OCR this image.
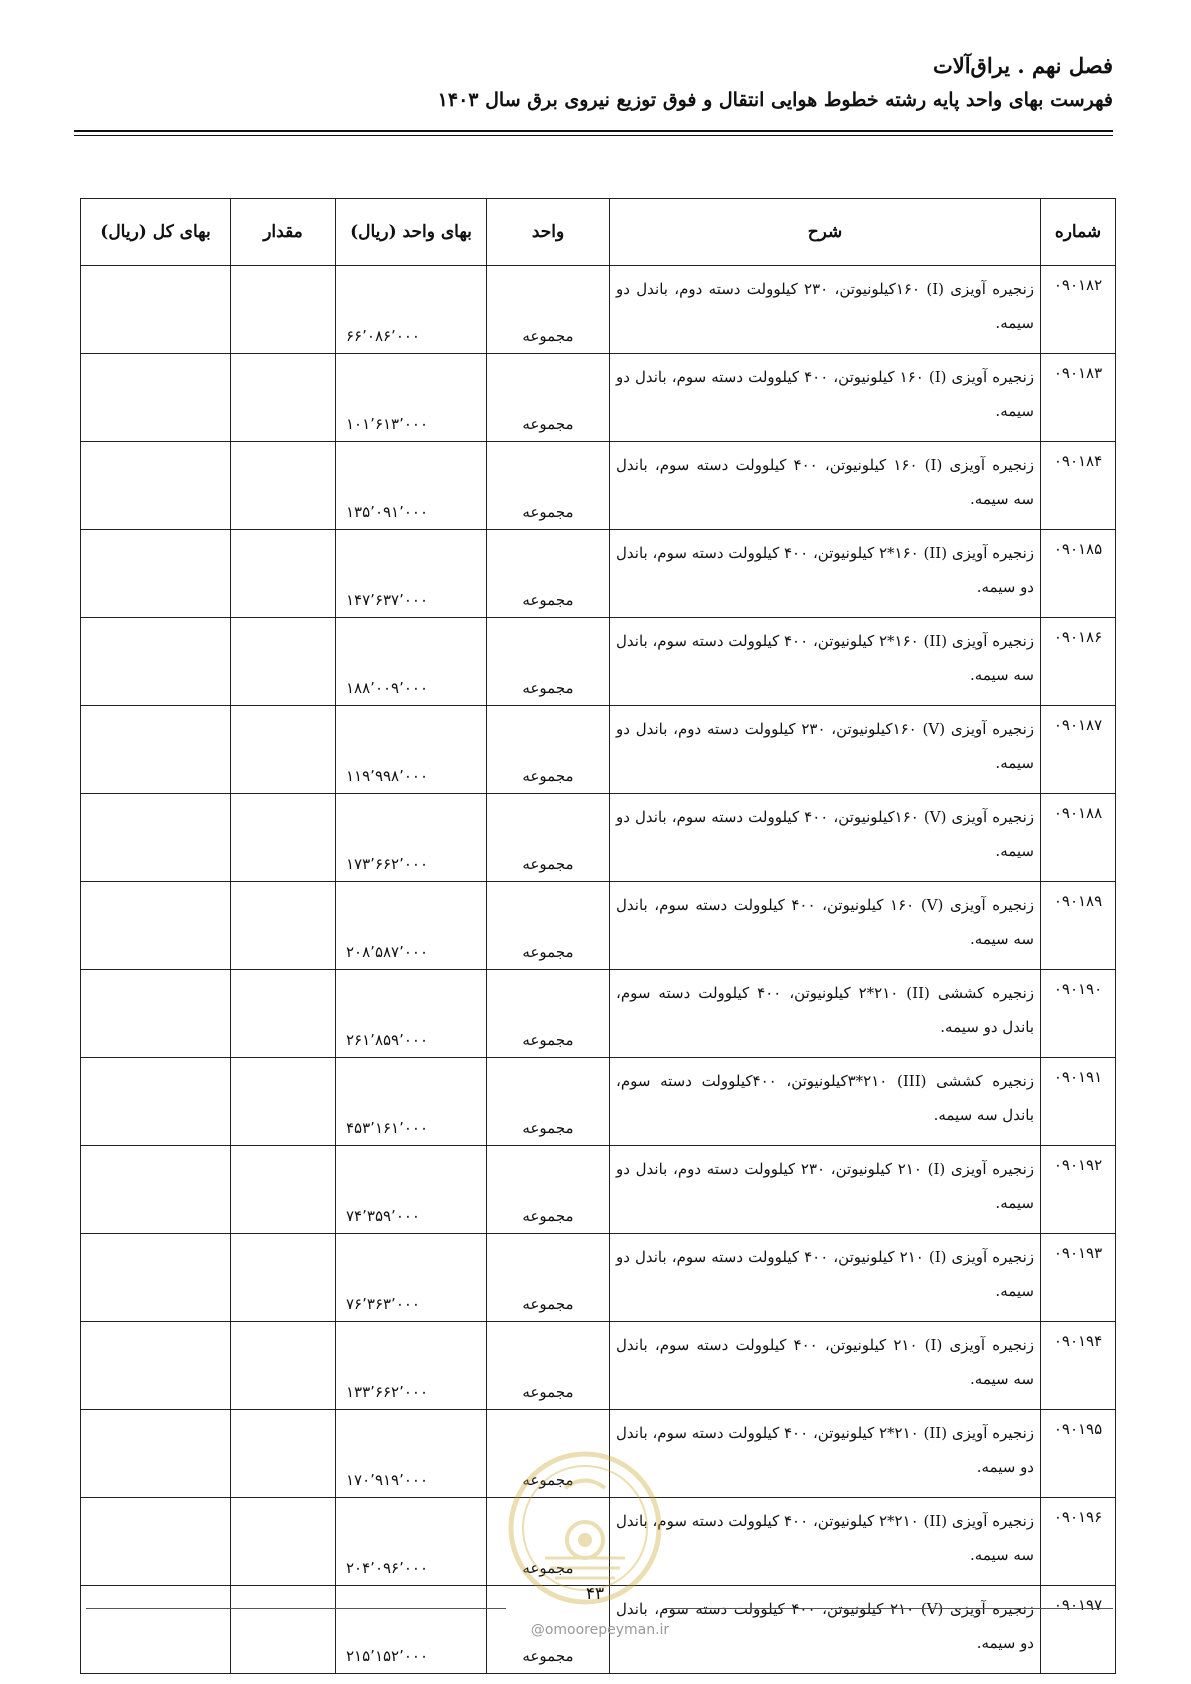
فصل نهم . یراق‌آلات
فهرست بهای واحد پایه رشته خطوط هوایی انتقال و فوق توزیع نیروی برق سال ۱۴۰۳
شماره	شرح	واحد	بهای واحد (ریال)	مقدار	بهای کل (ریال)
۰۹۰۱۸۲	زنجیره آویزی (I) ۱۶۰کیلونیوتن، ۲۳۰ کیلوولت دسته دوم، باندل دو سیمه.	مجموعه	۶۶٬۰۸۶٬۰۰۰		
۰۹۰۱۸۳	زنجیره آویزی (I) ۱۶۰ کیلونیوتن، ۴۰۰ کیلوولت دسته سوم، باندل دو سیمه.	مجموعه	۱۰۱٬۶۱۳٬۰۰۰		
۰۹۰۱۸۴	زنجیره آویزی (I) ۱۶۰ کیلونیوتن، ۴۰۰ کیلوولت دسته سوم، باندل سه سیمه.	مجموعه	۱۳۵٬۰۹۱٬۰۰۰		
۰۹۰۱۸۵	زنجیره آویزی (II) ۲*۱۶۰ کیلونیوتن، ۴۰۰ کیلوولت دسته سوم، باندل دو سیمه.	مجموعه	۱۴۷٬۶۳۷٬۰۰۰		
۰۹۰۱۸۶	زنجیره آویزی (II) ۲*۱۶۰ کیلونیوتن، ۴۰۰ کیلوولت دسته سوم، باندل سه سیمه.	مجموعه	۱۸۸٬۰۰۹٬۰۰۰		
۰۹۰۱۸۷	زنجیره آویزی (V) ۱۶۰کیلونیوتن، ۲۳۰ کیلوولت دسته دوم، باندل دو سیمه.	مجموعه	۱۱۹٬۹۹۸٬۰۰۰		
۰۹۰۱۸۸	زنجیره آویزی (V) ۱۶۰کیلونیوتن، ۴۰۰ کیلوولت دسته سوم، باندل دو سیمه.	مجموعه	۱۷۳٬۶۶۲٬۰۰۰		
۰۹۰۱۸۹	زنجیره آویزی (V) ۱۶۰ کیلونیوتن، ۴۰۰ کیلوولت دسته سوم، باندل سه سیمه.	مجموعه	۲۰۸٬۵۸۷٬۰۰۰		
۰۹۰۱۹۰	زنجیره کششی (II) ۲*۲۱۰ کیلونیوتن، ۴۰۰ کیلوولت دسته سوم، باندل دو سیمه.	مجموعه	۲۶۱٬۸۵۹٬۰۰۰		
۰۹۰۱۹۱	زنجیره کششی (III) ۳*۲۱۰کیلونیوتن، ۴۰۰کیلوولت دسته سوم، باندل سه سیمه.	مجموعه	۴۵۳٬۱۶۱٬۰۰۰		
۰۹۰۱۹۲	زنجیره آویزی (I) ۲۱۰ کیلونیوتن، ۲۳۰ کیلوولت دسته دوم، باندل دو سیمه.	مجموعه	۷۴٬۳۵۹٬۰۰۰		
۰۹۰۱۹۳	زنجیره آویزی (I) ۲۱۰ کیلونیوتن، ۴۰۰ کیلوولت دسته سوم، باندل دو سیمه.	مجموعه	۷۶٬۳۶۳٬۰۰۰		
۰۹۰۱۹۴	زنجیره آویزی (I) ۲۱۰ کیلونیوتن، ۴۰۰ کیلوولت دسته سوم، باندل سه سیمه.	مجموعه	۱۳۳٬۶۶۲٬۰۰۰		
۰۹۰۱۹۵	زنجیره آویزی (II) ۲*۲۱۰ کیلونیوتن، ۴۰۰ کیلوولت دسته سوم، باندل دو سیمه.	مجموعه	۱۷۰٬۹۱۹٬۰۰۰		
۰۹۰۱۹۶	زنجیره آویزی (II) ۲*۲۱۰ کیلونیوتن، ۴۰۰ کیلوولت دسته سوم، باندل سه سیمه.	مجموعه	۲۰۴٬۰۹۶٬۰۰۰		
۰۹۰۱۹۷	زنجیره آویزی (V) ۲۱۰ کیلونیوتن، ۴۰۰ کیلوولت دسته سوم، باندل دو سیمه.	مجموعه	۲۱۵٬۱۵۲٬۰۰۰		
۴۳
@omoorepeyman.ir
